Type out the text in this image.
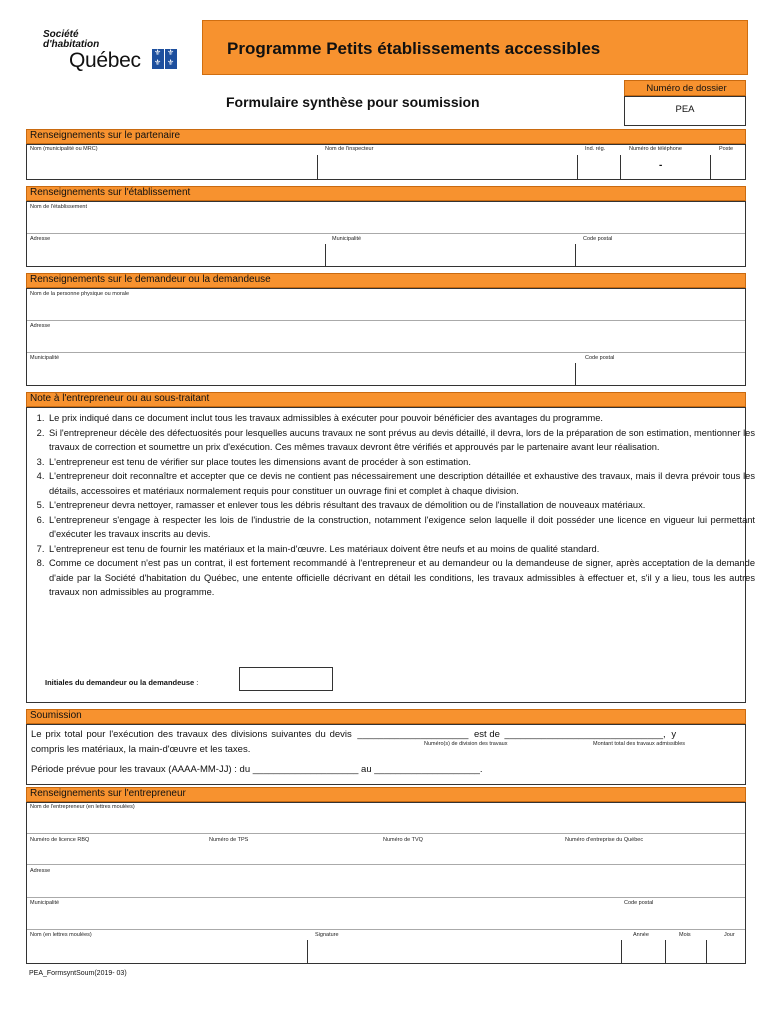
Société
d'habitation
Québec
⚜⚜
⚜⚜
Programme Petits établissements accessibles
Formulaire synthèse pour soumission
Numéro de dossier
PEA
Renseignements sur le partenaire
Nom (municipalité ou MRC)	Nom de l'inspecteur	Ind. rég.	Numéro de téléphone	Poste
-
Renseignements sur l'établissement
Nom de l'établissement
Adresse	Municipalité	Code postal
Renseignements sur le demandeur ou la demandeuse
Nom de la personne physique ou morale
Adresse
Municipalité	Code postal
Note à l'entrepreneur ou au sous-traitant
1. Le prix indiqué dans ce document inclut tous les travaux admissibles à exécuter pour pouvoir bénéficier des avantages du programme.
2. Si l'entrepreneur décèle des défectuosités pour lesquelles aucuns travaux ne sont prévus au devis détaillé, il devra, lors de la préparation de son estimation, mentionner les travaux de correction et soumettre un prix d'exécution. Ces mêmes travaux devront être vérifiés et approuvés par le partenaire avant leur réalisation.
3. L'entrepreneur est tenu de vérifier sur place toutes les dimensions avant de procéder à son estimation.
4. L'entrepreneur doit reconnaître et accepter que ce devis ne contient pas nécessairement une description détaillée et exhaustive des travaux, mais il devra prévoir tous les détails, accessoires et matériaux normalement requis pour constituer un ouvrage fini et complet à chaque division.
5. L'entrepreneur devra nettoyer, ramasser et enlever tous les débris résultant des travaux de démolition ou de l'installation de nouveaux matériaux.
6. L'entrepreneur s'engage à respecter les lois de l'industrie de la construction, notamment l'exigence selon laquelle il doit posséder une licence en vigueur lui permettant d'exécuter les travaux inscrits au devis.
7. L'entrepreneur est tenu de fournir les matériaux et la main-d'œuvre. Les matériaux doivent être neufs et au moins de qualité standard.
8. Comme ce document n'est pas un contrat, il est fortement recommandé à l'entrepreneur et au demandeur ou la demandeuse de signer, après acceptation de la demande d'aide par la Société d'habitation du Québec, une entente officielle décrivant en détail les conditions, les travaux admissibles à effectuer et, s'il y a lieu, tous les autres travaux non admissibles au programme.
Initiales du demandeur ou la demandeuse :
Soumission
Le prix total pour l'exécution des travaux des divisions suivantes du devis _____________________ est de ______________________________, y
Numéro(s) de division des travaux	Montant total des travaux admissibles
compris les matériaux, la main-d'œuvre et les taxes.
Période prévue pour les travaux (AAAA-MM-JJ) : du ____________________ au ____________________.
Renseignements sur l'entrepreneur
Nom de l'entrepreneur (en lettres moulées)
Numéro de licence RBQ	Numéro de TPS	Numéro de TVQ	Numéro d'entreprise du Québec
Adresse
Municipalité	Code postal
Nom (en lettres moulées)	Signature	Année	Mois	Jour
PEA_FormsyntSoum(2019- 03)
